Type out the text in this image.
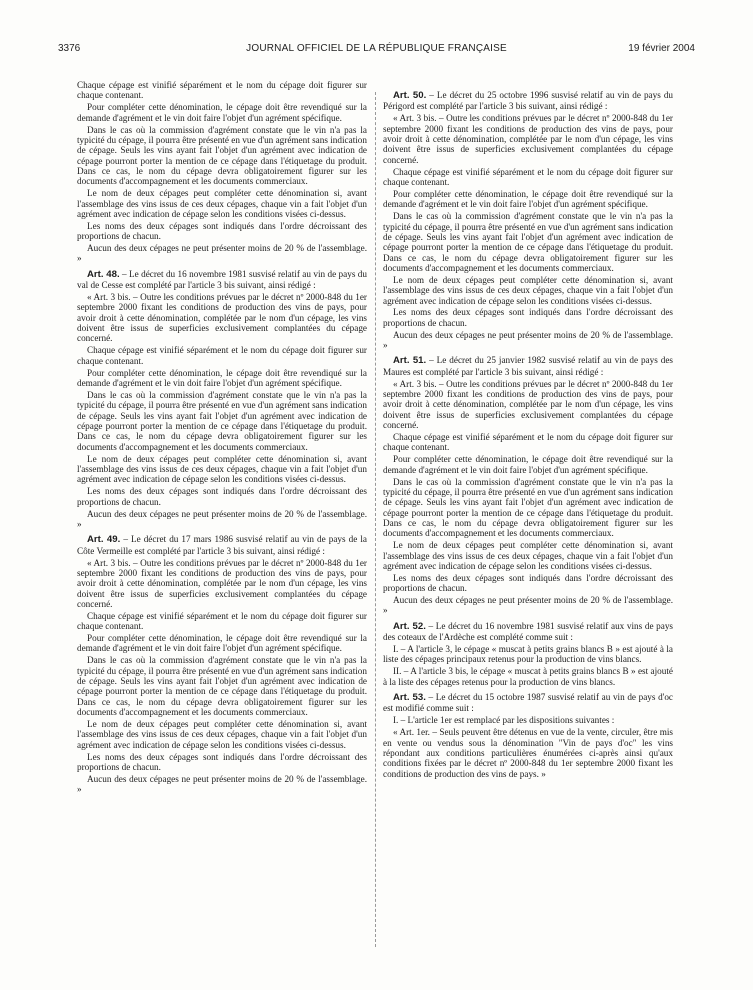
3376	JOURNAL OFFICIEL DE LA RÉPUBLIQUE FRANÇAISE	19 février 2004

Chaque cépage est vinifié séparément et le nom du cépage doit figurer sur chaque contenant.

Pour compléter cette dénomination, le cépage doit être revendiqué sur la demande d'agrément et le vin doit faire l'objet d'un agrément spécifique.

Dans le cas où la commission d'agrément constate que le vin n'a pas la typicité du cépage, il pourra être présenté en vue d'un agrément sans indication de cépage. Seuls les vins ayant fait l'objet d'un agrément avec indication de cépage pourront porter la mention de ce cépage dans l'étiquetage du produit. Dans ce cas, le nom du cépage devra obligatoirement figurer sur les documents d'accompagnement et les documents commerciaux.

Le nom de deux cépages peut compléter cette dénomination si, avant l'assemblage des vins issus de ces deux cépages, chaque vin a fait l'objet d'un agrément avec indication de cépage selon les conditions visées ci-dessus.

Les noms des deux cépages sont indiqués dans l'ordre décroissant des proportions de chacun.

Aucun des deux cépages ne peut présenter moins de 20 % de l'assemblage. »

Art. 48. – Le décret du 16 novembre 1981 susvisé relatif au vin de pays du val de Cesse est complété par l'article 3 bis suivant, ainsi rédigé :

« Art. 3 bis. – Outre les conditions prévues par le décret nº 2000-848 du 1er septembre 2000 fixant les conditions de production des vins de pays, pour avoir droit à cette dénomination, complétée par le nom d'un cépage, les vins doivent être issus de superficies exclusivement complantées du cépage concerné.

Chaque cépage est vinifié séparément et le nom du cépage doit figurer sur chaque contenant.

Pour compléter cette dénomination, le cépage doit être revendiqué sur la demande d'agrément et le vin doit faire l'objet d'un agrément spécifique.

Dans le cas où la commission d'agrément constate que le vin n'a pas la typicité du cépage, il pourra être présenté en vue d'un agrément sans indication de cépage. Seuls les vins ayant fait l'objet d'un agrément avec indication de cépage pourront porter la mention de ce cépage dans l'étiquetage du produit. Dans ce cas, le nom du cépage devra obligatoirement figurer sur les documents d'accompagnement et les documents commerciaux.

Le nom de deux cépages peut compléter cette dénomination si, avant l'assemblage des vins issus de ces deux cépages, chaque vin a fait l'objet d'un agrément avec indication de cépage selon les conditions visées ci-dessus.

Les noms des deux cépages sont indiqués dans l'ordre décroissant des proportions de chacun.

Aucun des deux cépages ne peut présenter moins de 20 % de l'assemblage. »

Art. 49. – Le décret du 17 mars 1986 susvisé relatif au vin de pays de la Côte Vermeille est complété par l'article 3 bis suivant, ainsi rédigé :

« Art. 3 bis. – Outre les conditions prévues par le décret nº 2000-848 du 1er septembre 2000 fixant les conditions de production des vins de pays, pour avoir droit à cette dénomination, complétée par le nom d'un cépage, les vins doivent être issus de superficies exclusivement complantées du cépage concerné.

Chaque cépage est vinifié séparément et le nom du cépage doit figurer sur chaque contenant.

Pour compléter cette dénomination, le cépage doit être revendiqué sur la demande d'agrément et le vin doit faire l'objet d'un agrément spécifique.

Dans le cas où la commission d'agrément constate que le vin n'a pas la typicité du cépage, il pourra être présenté en vue d'un agrément sans indication de cépage. Seuls les vins ayant fait l'objet d'un agrément avec indication de cépage pourront porter la mention de ce cépage dans l'étiquetage du produit. Dans ce cas, le nom du cépage devra obligatoirement figurer sur les documents d'accompagnement et les documents commerciaux.

Le nom de deux cépages peut compléter cette dénomination si, avant l'assemblage des vins issus de ces deux cépages, chaque vin a fait l'objet d'un agrément avec indication de cépage selon les conditions visées ci-dessus.

Les noms des deux cépages sont indiqués dans l'ordre décroissant des proportions de chacun.

Aucun des deux cépages ne peut présenter moins de 20 % de l'assemblage. »

Art. 50. – Le décret du 25 octobre 1996 susvisé relatif au vin de pays du Périgord est complété par l'article 3 bis suivant, ainsi rédigé :

« Art. 3 bis. – Outre les conditions prévues par le décret nº 2000-848 du 1er septembre 2000 fixant les conditions de production des vins de pays, pour avoir droit à cette dénomination, complétée par le nom d'un cépage, les vins doivent être issus de superficies exclusivement complantées du cépage concerné.

Chaque cépage est vinifié séparément et le nom du cépage doit figurer sur chaque contenant.

Pour compléter cette dénomination, le cépage doit être revendiqué sur la demande d'agrément et le vin doit faire l'objet d'un agrément spécifique.

Dans le cas où la commission d'agrément constate que le vin n'a pas la typicité du cépage, il pourra être présenté en vue d'un agrément sans indication de cépage. Seuls les vins ayant fait l'objet d'un agrément avec indication de cépage pourront porter la mention de ce cépage dans l'étiquetage du produit. Dans ce cas, le nom du cépage devra obligatoirement figurer sur les documents d'accompagnement et les documents commerciaux.

Le nom de deux cépages peut compléter cette dénomination si, avant l'assemblage des vins issus de ces deux cépages, chaque vin a fait l'objet d'un agrément avec indication de cépage selon les conditions visées ci-dessus.

Les noms des deux cépages sont indiqués dans l'ordre décroissant des proportions de chacun.

Aucun des deux cépages ne peut présenter moins de 20 % de l'assemblage. »

Art. 51. – Le décret du 25 janvier 1982 susvisé relatif au vin de pays des Maures est complété par l'article 3 bis suivant, ainsi rédigé :

« Art. 3 bis. – Outre les conditions prévues par le décret nº 2000-848 du 1er septembre 2000 fixant les conditions de production des vins de pays, pour avoir droit à cette dénomination, complétée par le nom d'un cépage, les vins doivent être issus de superficies exclusivement complantées du cépage concerné.

Chaque cépage est vinifié séparément et le nom du cépage doit figurer sur chaque contenant.

Pour compléter cette dénomination, le cépage doit être revendiqué sur la demande d'agrément et le vin doit faire l'objet d'un agrément spécifique.

Dans le cas où la commission d'agrément constate que le vin n'a pas la typicité du cépage, il pourra être présenté en vue d'un agrément sans indication de cépage. Seuls les vins ayant fait l'objet d'un agrément avec indication de cépage pourront porter la mention de ce cépage dans l'étiquetage du produit. Dans ce cas, le nom du cépage devra obligatoirement figurer sur les documents d'accompagnement et les documents commerciaux.

Le nom de deux cépages peut compléter cette dénomination si, avant l'assemblage des vins issus de ces deux cépages, chaque vin a fait l'objet d'un agrément avec indication de cépage selon les conditions visées ci-dessus.

Les noms des deux cépages sont indiqués dans l'ordre décroissant des proportions de chacun.

Aucun des deux cépages ne peut présenter moins de 20 % de l'assemblage. »

Art. 52. – Le décret du 16 novembre 1981 susvisé relatif aux vins de pays des coteaux de l'Ardèche est complété comme suit :

I. – A l'article 3, le cépage « muscat à petits grains blancs B » est ajouté à la liste des cépages principaux retenus pour la production de vins blancs.

II. – A l'article 3 bis, le cépage « muscat à petits grains blancs B » est ajouté à la liste des cépages retenus pour la production de vins blancs.

Art. 53. – Le décret du 15 octobre 1987 susvisé relatif au vin de pays d'oc est modifié comme suit :

I. – L'article 1er est remplacé par les dispositions suivantes :

« Art. 1er. – Seuls peuvent être détenus en vue de la vente, circuler, être mis en vente ou vendus sous la dénomination "Vin de pays d'oc" les vins répondant aux conditions particulières énumérées ci-après ainsi qu'aux conditions fixées par le décret nº 2000-848 du 1er septembre 2000 fixant les conditions de production des vins de pays. »
